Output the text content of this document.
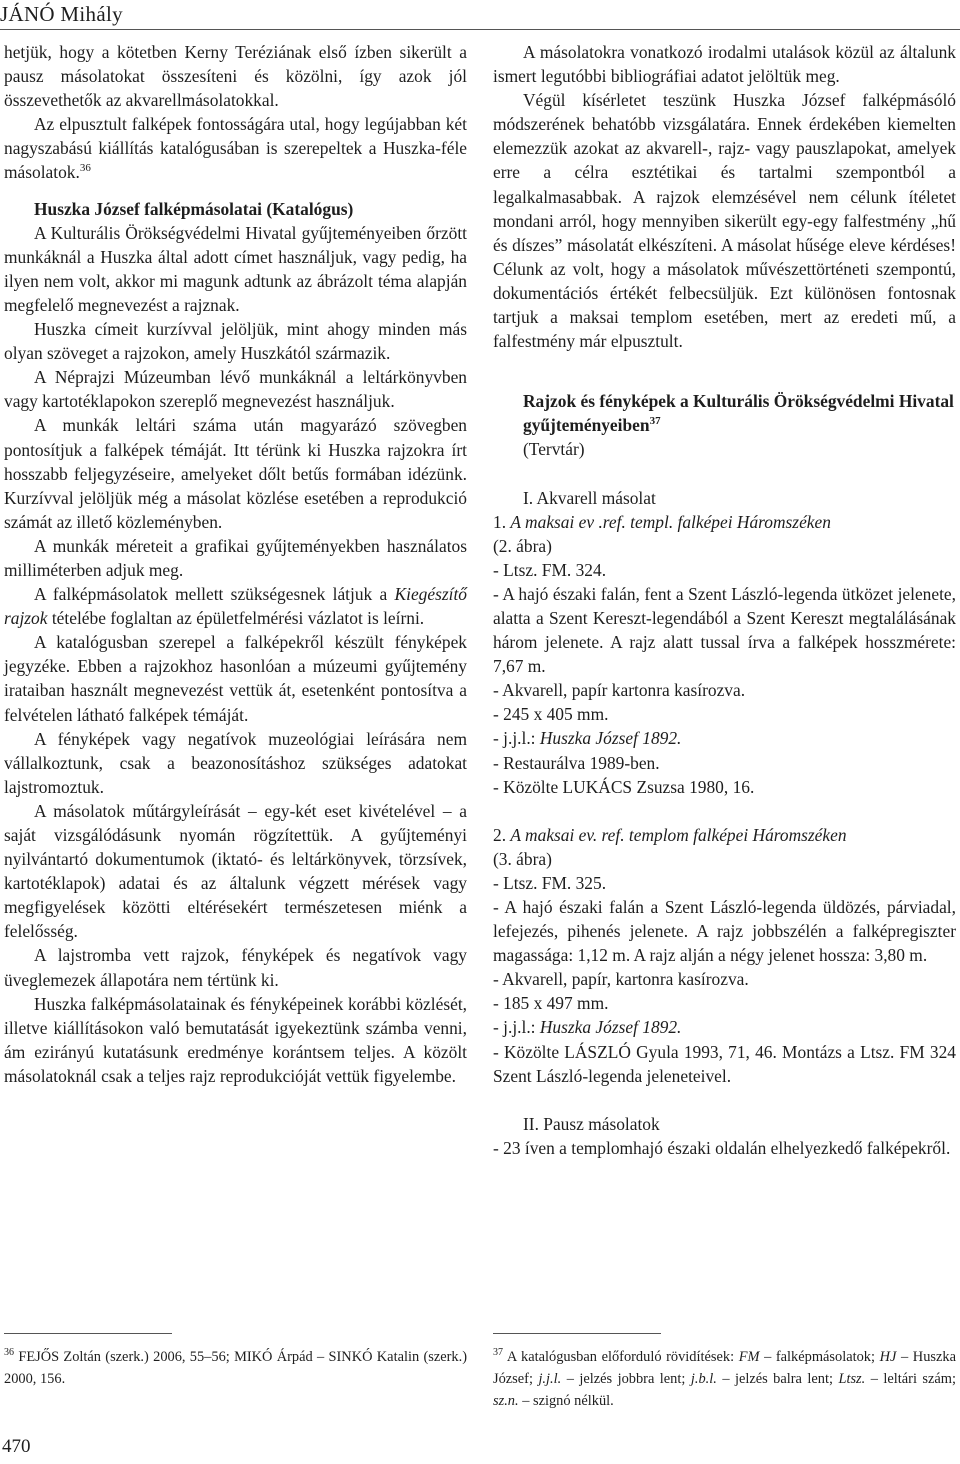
JÁNÓ Mihály

hetjük, hogy a kötetben Kerny Teréziának első ízben sikerült a pausz másolatokat összesíteni és közölni, így azok jól összevethetők az akvarellmásolatokkal.

Az elpusztult falképek fontosságára utal, hogy legújabban két nagyszabású kiállítás katalógusában is szerepeltek a Huszka-féle másolatok.$^{36}$

Huszka József falképmásolatai (Katalógus)

A Kulturális Örökségvédelmi Hivatal gyűjteményeiben őrzött munkáknál a Huszka által adott címet használjuk, vagy pedig, ha ilyen nem volt, akkor mi magunk adtunk az ábrázolt téma alapján megfelelő megnevezést a rajznak.

Huszka címeit kurzívval jelöljük, mint ahogy minden más olyan szöveget a rajzokon, amely Huszkától származik.

A Néprajzi Múzeumban lévő munkáknál a leltárkönyvben vagy kartotéklapokon szereplő megnevezést használjuk.

A munkák leltári száma után magyarázó szövegben pontosítjuk a falképek témáját. Itt térünk ki Huszka rajzokra írt hosszabb feljegyzéseire, amelyeket dőlt betűs formában idézünk. Kurzívval jelöljük még a másolat közlése esetében a reprodukció számát az illető közleményben.

A munkák méreteit a grafikai gyűjteményekben használatos milliméterben adjuk meg.

A falképmásolatok mellett szükségesnek látjuk a Kiegészítő rajzok tételébe foglaltan az épületfelmérési vázlatot is leírni.

A katalógusban szerepel a falképekről készült fényképek jegyzéke. Ebben a rajzokhoz hasonlóan a múzeumi gyűjtemény irataiban használt megnevezést vettük át, esetenként pontosítva a felvételen látható falképek témáját.

A fényképek vagy negatívok muzeológiai leírására nem vállalkoztunk, csak a beazonosításhoz szükséges adatokat lajstromoztuk.

A másolatok műtárgyleírását – egy-két eset kivételével – a saját vizsgálódásunk nyomán rögzítettük. A gyűjteményi nyilvántartó dokumentumok (iktató- és leltárkönyvek, törzsívek, kartotéklapok) adatai és az általunk végzett mérések vagy megfigyelések közötti eltérésekért természetesen miénk a felelősség.

A lajstromba vett rajzok, fényképek és negatívok vagy üveglemezek állapotára nem tértünk ki.

Huszka falképmásolatainak és fényképeinek korábbi közlését, illetve kiállításokon való bemutatását igyekeztünk számba venni, ám ezirányú kutatásunk eredménye korántsem teljes. A közölt másolatoknál csak a teljes rajz reprodukcióját vettük figyelembe.

A másolatokra vonatkozó irodalmi utalások közül az általunk ismert legutóbbi bibliográfiai adatot jelöltük meg.

Végül kísérletet teszünk Huszka József falképmásóló módszerének behatóbb vizsgálatára. Ennek érdekében kiemelten elemezzük azokat az akvarell-, rajz- vagy pauszlapokat, amelyek erre a célra esztétikai és tartalmi szempontból a legalkalmasabbak. A rajzok elemzésével nem célunk ítéletet mondani arról, hogy mennyiben sikerült egy-egy falfestmény „hű és díszes” másolatát elkészíteni. A másolat hűsége eleve kérdéses! Célunk az volt, hogy a másolatok művészettörténeti szempontú, dokumentációs értékét felbecsüljük. Ezt különösen fontosnak tartjuk a maksai templom esetében, mert az eredeti mű, a falfestmény már elpusztult.

Rajzok és fényképek a Kulturális Örökségvédelmi Hivatal gyűjteményeiben$^{37}$
(Tervtár)
I. Akvarell másolat
1. A maksai ev .ref. templ. falképei Háromszéken
(2. ábra)
- Ltsz. FM. 324.

- A hajó északi falán, fent a Szent László-legenda ütközet jelenete, alatta a Szent Kereszt-legendából a Szent Kereszt megtalálásának három jelenete. A rajz alatt tussal írva a falképek hosszmérete: 7,67 m.

- Akvarell, papír kartonra kasírozva.
- 245 x 405 mm.
- j.j.l.: Huszka József 1892.
- Restaurálva 1989-ben.
- Közölte LUKÁCS Zsuzsa 1980, 16.
2. A maksai ev. ref. templom falképei Háromszéken
(3. ábra)
- Ltsz. FM. 325.

- A hajó északi falán a Szent László-legenda üldözés, párviadal, lefejezés, pihenés jelenete. A rajz jobbszélén a falképregiszter magassága: 1,12 m. A rajz alján a négy jelenet hossza: 3,80 m.

- Akvarell, papír, kartonra kasírozva.
- 185 x 497 mm.
- j.j.l.: Huszka József 1892.

- Közölte LÁSZLÓ Gyula 1993, 71, 46. Montázs a Ltsz. FM 324 Szent László-legenda jeleneteivel.

II. Pausz másolatok

- 23 íven a templomhajó északi oldalán elhelyezkedő falképekről.

$^{36}$ FEJŐS Zoltán (szerk.) 2006, 55–56; MIKÓ Árpád – SINKÓ Katalin (szerk.) 2000, 156.
$^{37}$ A katalógusban előforduló rövidítések: FM – falképmásolatok; HJ – Huszka József; j.j.l. – jelzés jobbra lent; j.b.l. – jelzés balra lent; Ltsz. – leltári szám; sz.n. – szignó nélkül.
470
